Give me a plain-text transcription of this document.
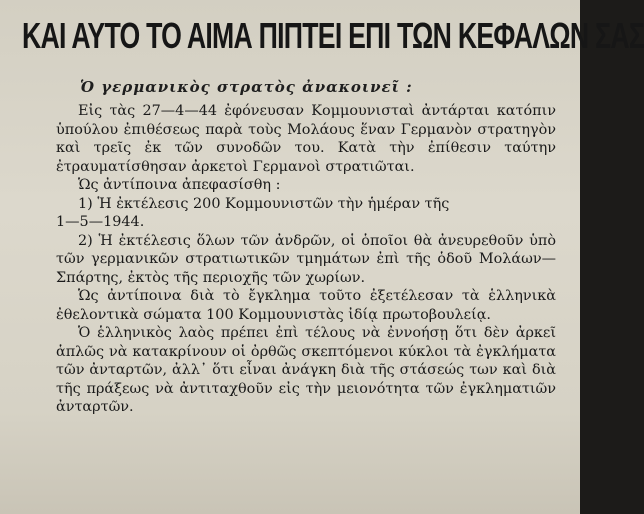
ΚΑΙ ΑΥΤΟ ΤΟ ΑΙΜΑ ΠΙΠΤΕΙ ΕΠΙ ΤΩΝ ΚΕΦΑΛΩΝ ΣΑΣ
Ὁ γερμανικὸς στρατὸς ἀνακοινεῖ :

Εἰς τὰς 27—4—44 ἐφόνευσαν Κομμουνισταὶ ἀντάρται κατόπιν ὑπούλου ἐπιθέσεως παρὰ τοὺς Μολάους ἕναν Γερμανὸν στρατηγὸν καὶ τρεῖς ἐκ τῶν συνοδῶν του. Κατὰ τὴν ἐπίθεσιν ταύτην ἐτραυματίσθησαν ἀρκετοὶ Γερμανοὶ στρατιῶται.

Ὡς ἀντίποινα ἀπεφασίσθη :

1) Ἡ ἐκτέλεσις 200 Κομμουνιστῶν τὴν ἡμέραν τῆς

1—5—1944.

2) Ἡ ἐκτέλεσις ὅλων τῶν ἀνδρῶν, οἱ ὁποῖοι θὰ ἀνευρεθοῦν ὑπὸ τῶν γερμανικῶν στρατιωτικῶν τμημάτων ἐπὶ τῆς ὁδοῦ Μολάων—Σπάρτης, ἐκτὸς τῆς περιοχῆς τῶν χωρίων.

Ὡς ἀντίποινα διὰ τὸ ἔγκλημα τοῦτο ἐξετέλεσαν τὰ ἑλληνικὰ ἐθελοντικὰ σώματα 100 Κομμουνιστὰς ἰδίᾳ πρωτοβουλείᾳ.

Ὁ ἑλληνικὸς λαὸς πρέπει ἐπὶ τέλους νὰ ἐννοήσῃ ὅτι δὲν ἀρκεῖ ἁπλῶς νὰ κατακρίνουν οἱ ὀρθῶς σκεπτόμενοι κύκλοι τὰ ἐγκλήματα τῶν ἀνταρτῶν, ἀλλ᾽ ὅτι εἶναι ἀνάγκη διὰ τῆς στάσεώς των καὶ διὰ τῆς πράξεως νὰ ἀντιταχθοῦν εἰς τὴν μειονότητα τῶν ἐγκληματιῶν ἀνταρτῶν.
